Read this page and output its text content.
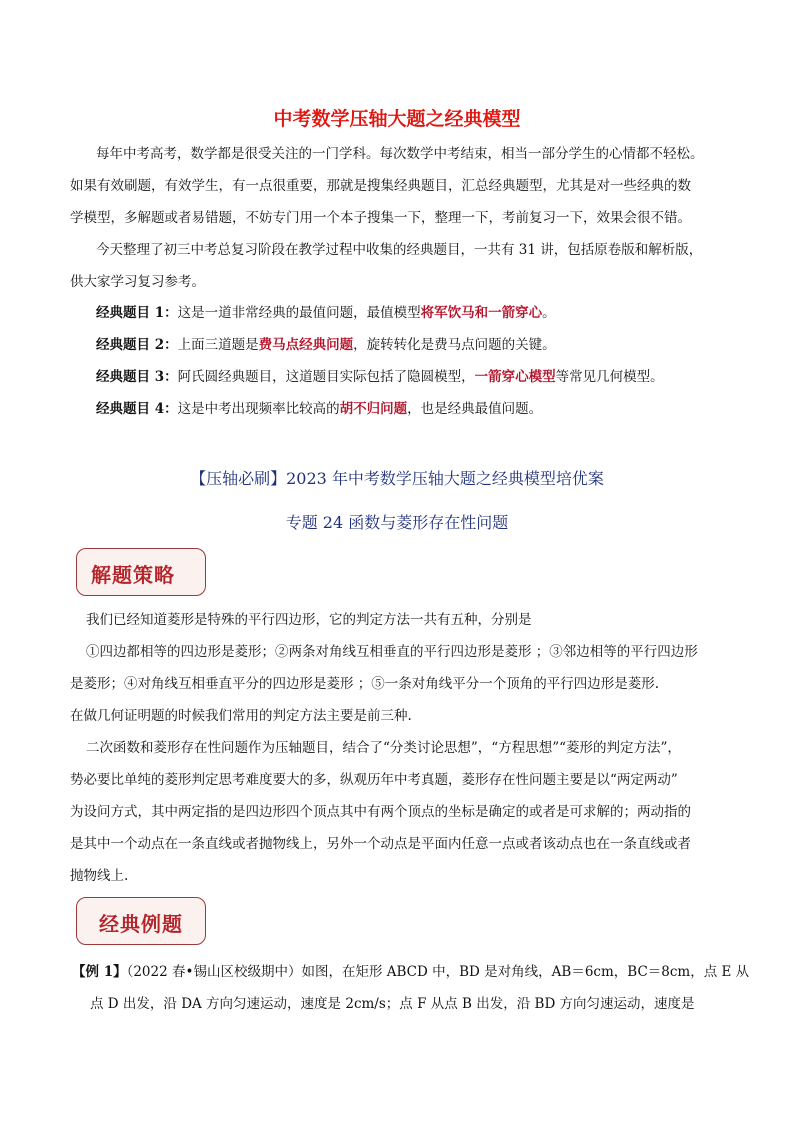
中考数学压轴大题之经典模型
每年中考高考，数学都是很受关注的一门学科。每次数学中考结束，相当一部分学生的心情都不轻松。
如果有效刷题，有效学生，有一点很重要，那就是搜集经典题目，汇总经典题型，尤其是对一些经典的数
学模型，多解题或者易错题，不妨专门用一个本子搜集一下，整理一下，考前复习一下，效果会很不错。
今天整理了初三中考总复习阶段在教学过程中收集的经典题目，一共有 31 讲，包括原卷版和解析版，
供大家学习复习参考。
经典题目 1：这是一道非常经典的最值问题，最值模型将军饮马和一箭穿心。
经典题目 2：上面三道题是费马点经典问题，旋转转化是费马点问题的关键。
经典题目 3：阿氏圆经典题目，这道题目实际包括了隐圆模型，一箭穿心模型等常见几何模型。
经典题目 4：这是中考出现频率比较高的胡不归问题，也是经典最值问题。
【压轴必刷】2023 年中考数学压轴大题之经典模型培优案
专题 24 函数与菱形存在性问题
解题策略
我们已经知道菱形是特殊的平行四边形，它的判定方法一共有五种，分别是
①四边都相等的四边形是菱形；②两条对角线互相垂直的平行四边形是菱形 ；③邻边相等的平行四边形
是菱形；④对角线互相垂直平分的四边形是菱形 ；⑤一条对角线平分一个顶角的平行四边形是菱形.
在做几何证明题的时候我们常用的判定方法主要是前三种.
二次函数和菱形存在性问题作为压轴题目，结合了“分类讨论思想”，“方程思想”“菱形的判定方法”，
势必要比单纯的菱形判定思考难度要大的多，纵观历年中考真题，菱形存在性问题主要是以“两定两动”
为设问方式，其中两定指的是四边形四个顶点其中有两个顶点的坐标是确定的或者是可求解的；两动指的
是其中一个动点在一条直线或者抛物线上，另外一个动点是平面内任意一点或者该动点也在一条直线或者
抛物线上.
经典例题
【例 1】（2022 春•锡山区校级期中）如图，在矩形 ABCD 中，BD 是对角线，AB＝6cm，BC＝8cm，点 E 从
点 D 出发，沿 DA 方向匀速运动，速度是 2cm/s；点 F 从点 B 出发，沿 BD 方向匀速运动，速度是
